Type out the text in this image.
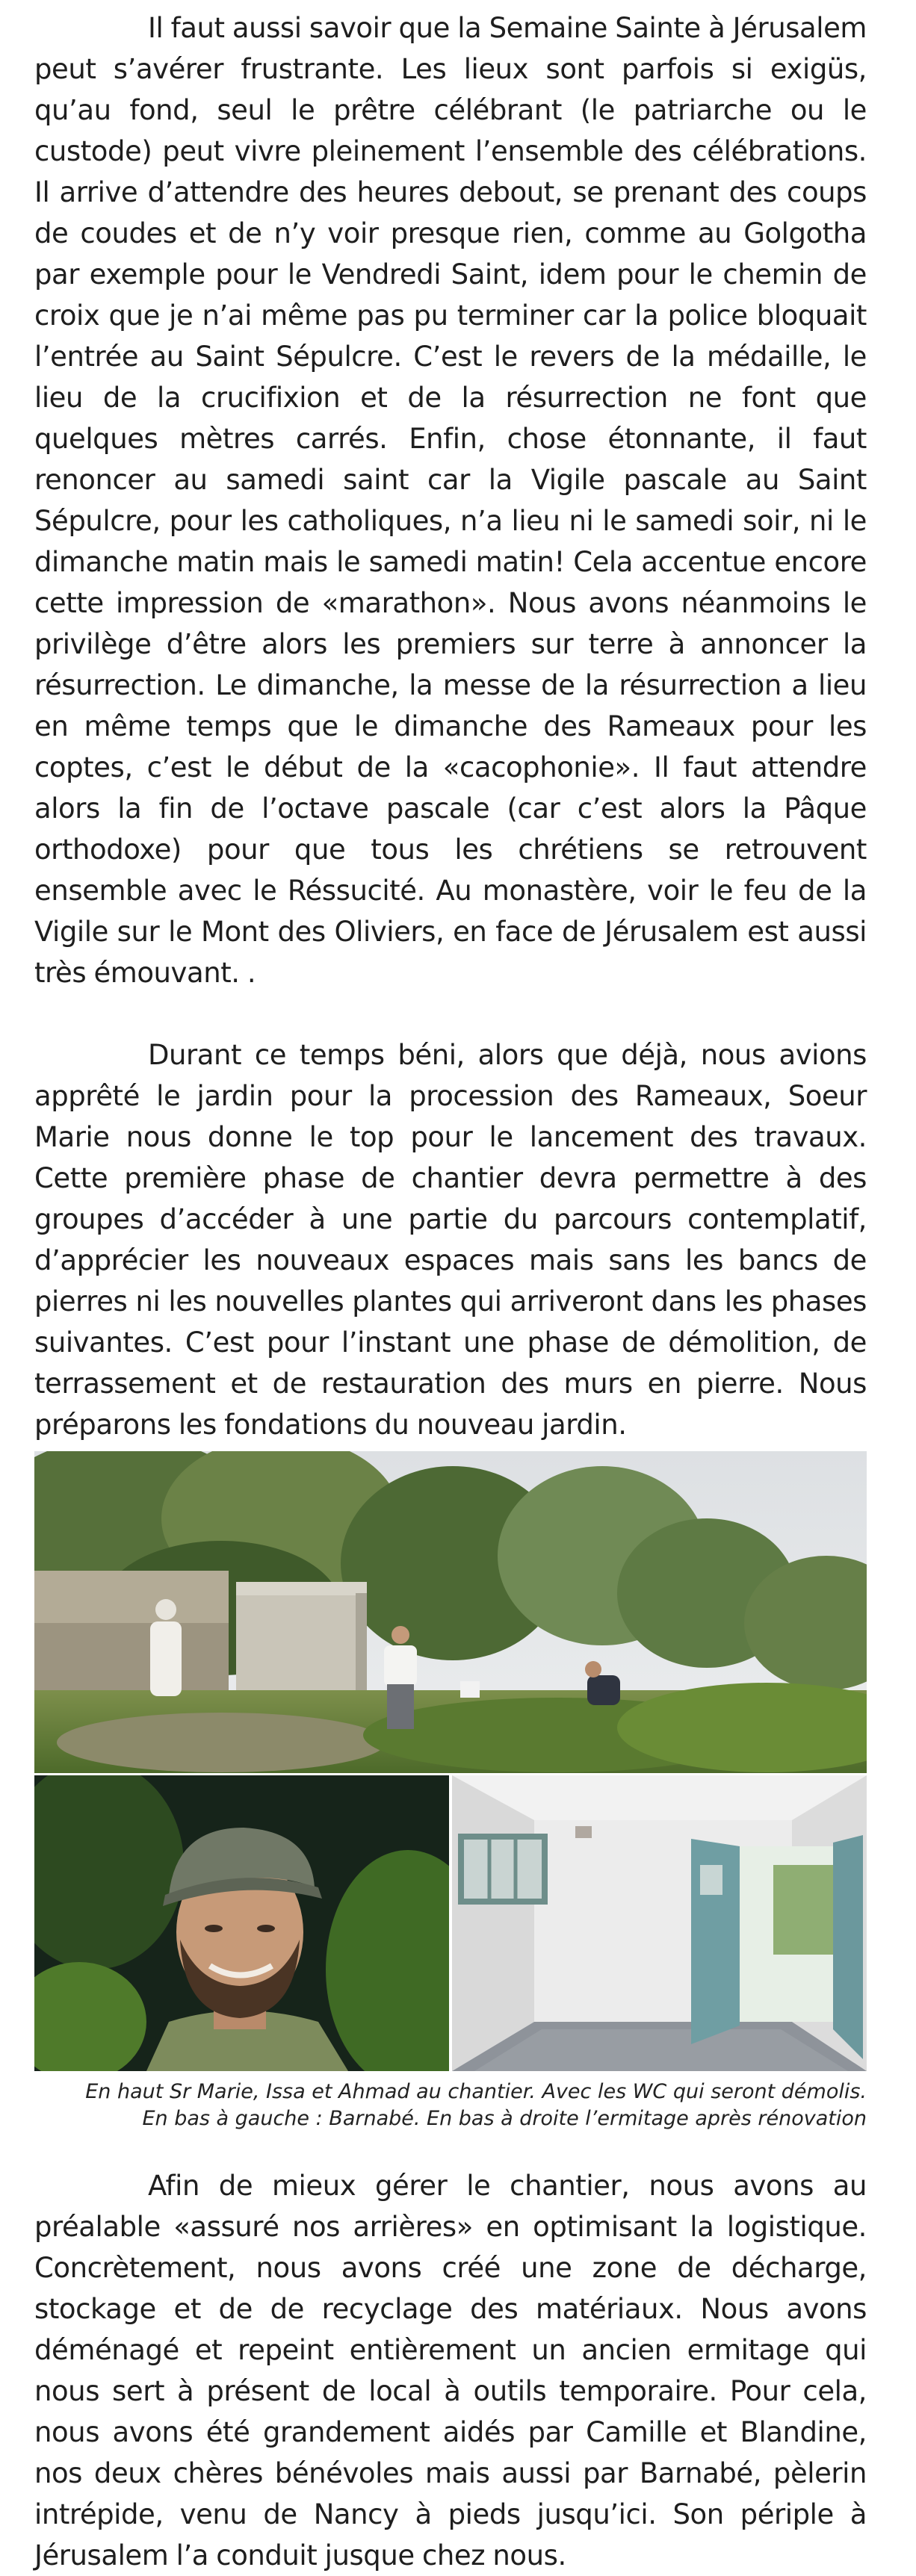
Il faut aussi savoir que la Semaine Sainte à Jérusalem peut s’avérer frustrante. Les lieux sont parfois si exigüs, qu’au fond, seul le prêtre célébrant (le patriarche ou le custode) peut vivre pleinement l’ensemble des célébrations. Il arrive d’attendre des heures debout, se prenant des coups de coudes et de n’y voir presque rien, comme au Golgotha par exemple pour le Vendredi Saint, idem pour le chemin de croix que je n’ai même pas pu terminer car la police bloquait l’entrée au Saint Sépulcre. C’est le revers de la médaille, le lieu de la crucifixion et de la résurrection ne font que quelques mètres carrés. Enfin, chose étonnante, il faut renoncer au samedi saint car la Vigile pascale au Saint Sépulcre, pour les catholiques, n’a lieu ni le samedi soir, ni le dimanche matin mais le samedi matin! Cela accentue encore cette impression de «marathon». Nous avons néanmoins le privilège d’être alors les premiers sur terre à annoncer la résurrection. Le dimanche, la messe de la résurrection a lieu en même temps que le dimanche des Rameaux pour les coptes, c’est le début de la «cacophonie». Il faut attendre alors la fin de l’octave pascale (car c’est alors la Pâque orthodoxe) pour que tous les chrétiens se retrouvent ensemble avec le Réssucité. Au monastère, voir le feu de la Vigile sur le Mont des Oliviers, en face de Jérusalem est aussi très émouvant. .

Durant ce temps béni, alors que déjà, nous avions apprêté le jardin pour la procession des Rameaux, Soeur Marie nous donne le top pour le lancement des travaux. Cette première phase de chantier devra permettre à des groupes d’accéder à une partie du parcours contemplatif, d’apprécier les nouveaux espaces mais sans les bancs de pierres ni les nouvelles plantes qui arriveront dans les phases suivantes. C’est pour l’instant une phase de démolition, de terrassement et de restauration des murs en pierre. Nous préparons les fondations du nouveau jardin.

En haut Sr Marie, Issa et Ahmad au chantier. Avec les WC qui seront démolis.
En bas à gauche : Barnabé. En bas à droite l’ermitage après rénovation

Afin de mieux gérer le chantier, nous avons au préalable «assuré nos arrières» en optimisant la logistique. Concrètement, nous avons créé une zone de décharge, stockage et de de recyclage des matériaux. Nous avons déménagé et repeint entièrement un ancien ermitage qui nous sert à présent de local à outils temporaire. Pour cela, nous avons été grandement aidés par Camille et Blandine, nos deux chères bénévoles mais aussi par Barnabé, pèlerin intrépide, venu de Nancy à pieds jusqu’ici. Son périple à Jérusalem l’a conduit jusque chez nous.
